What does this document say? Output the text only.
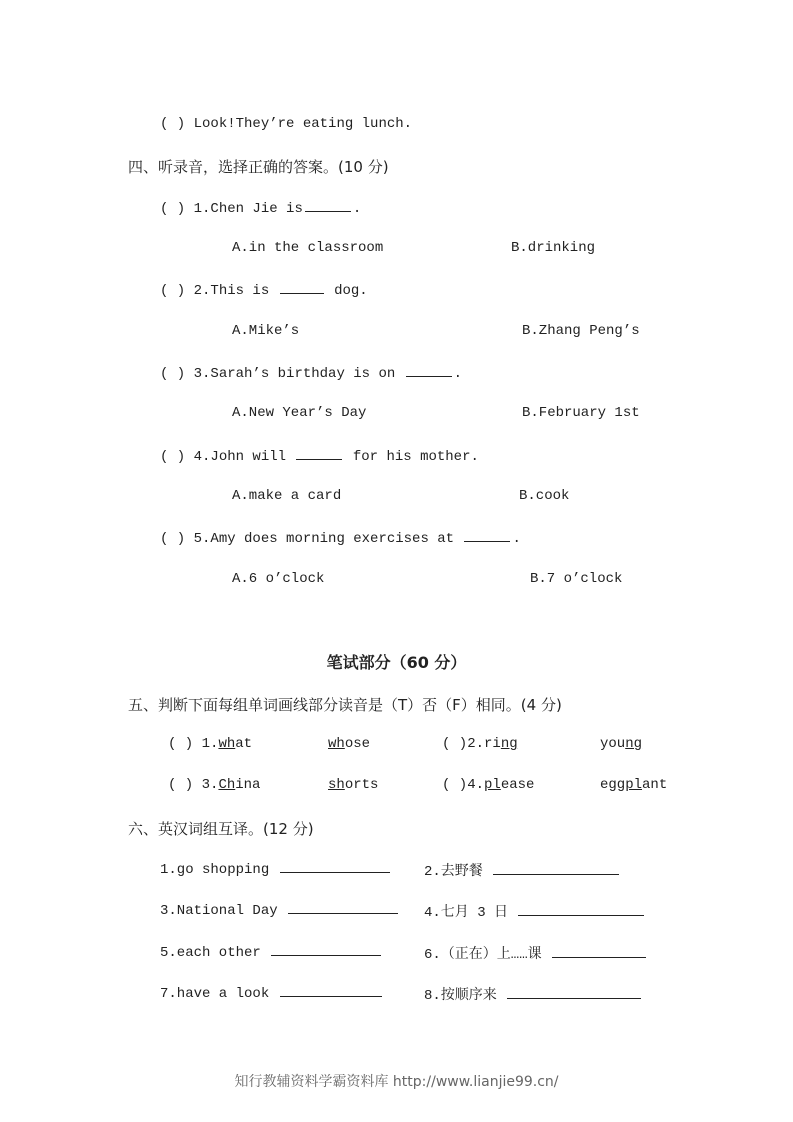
( ) Look!They’re eating lunch.
四、听录音，选择正确的答案。(10 分)
( ) 1.Chen Jie is	.
A.in the classroom	B.drinking
( ) 2.This is	dog.
A.Mike’s	B.Zhang Peng’s
( ) 3.Sarah’s birthday is on	.
A.New Year’s Day	B.February 1st
( ) 4.John will	for his mother.
A.make a card	B.cook
( ) 5.Amy does morning exercises at	.
A.6 o’clock	B.7 o’clock
笔试部分（60 分）
五、判断下面每组单词画线部分读音是（T）否（F）相同。(4 分)
( ) 1.what	whose	( )2.ring	young
( ) 3.China	shorts	( )4.please	eggplant
六、英汉词组互译。(12 分)
1.go shopping	2.去野餐
3.National Day	4.七月 3 日
5.each other	6.（正在）上……课
7.have a look	8.按顺序来
知行教辅资料学霸资料库 http://www.lianjie99.cn/
